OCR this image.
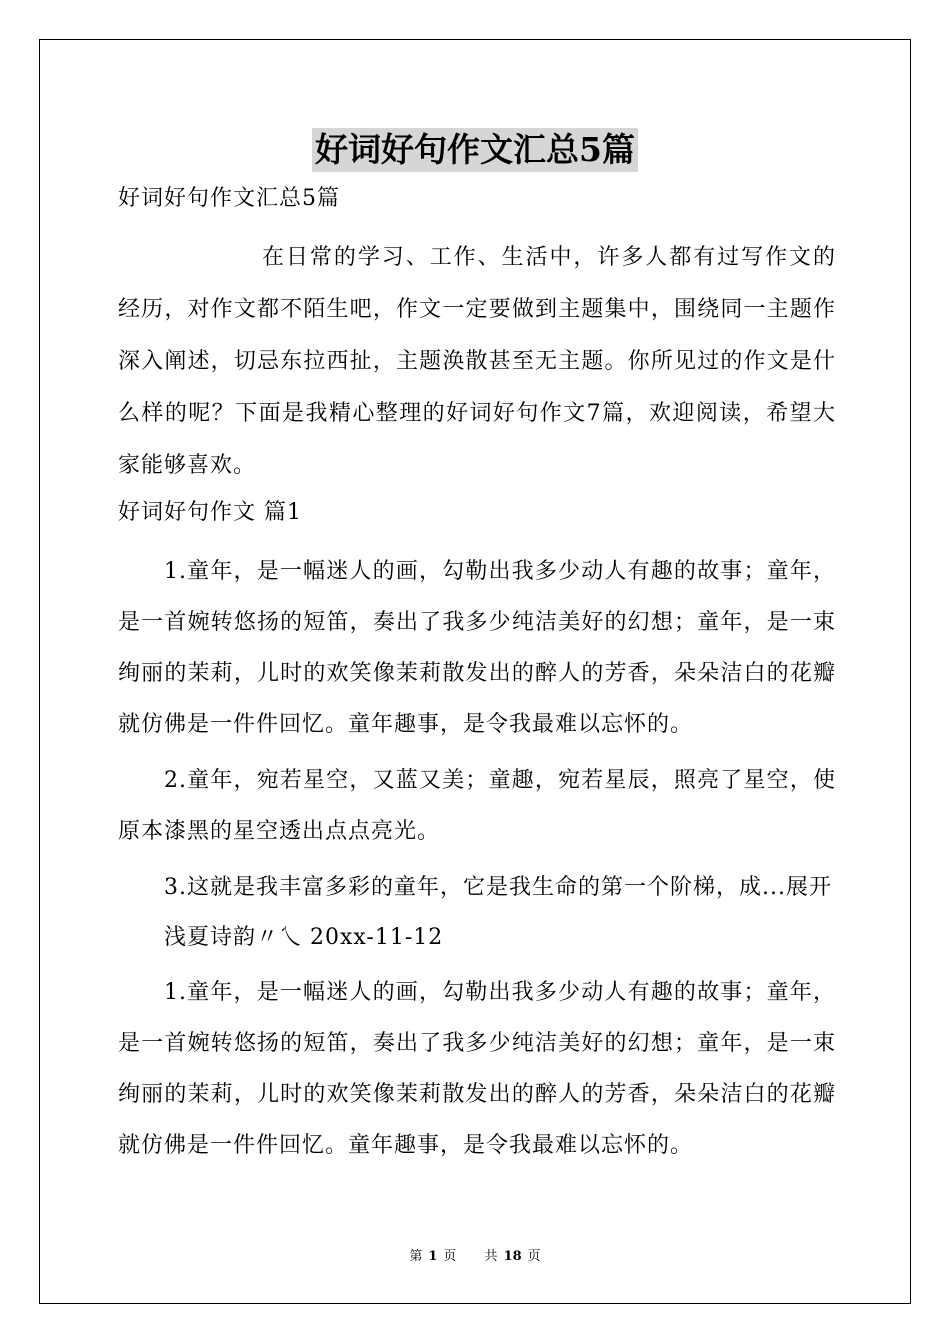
好词好句作文汇总5篇

好词好句作文汇总5篇

在日常的学习、工作、生活中，许多人都有过写作文的经历，对作文都不陌生吧，作文一定要做到主题集中，围绕同一主题作深入阐述，切忌东拉西扯，主题涣散甚至无主题。你所见过的作文是什么样的呢？下面是我精心整理的好词好句作文7篇，欢迎阅读，希望大家能够喜欢。

好词好句作文 篇1

1.童年，是一幅迷人的画，勾勒出我多少动人有趣的故事；童年，是一首婉转悠扬的短笛，奏出了我多少纯洁美好的幻想；童年，是一束绚丽的茉莉，儿时的欢笑像茉莉散发出的醉人的芳香，朵朵洁白的花瓣就仿佛是一件件回忆。童年趣事，是令我最难以忘怀的。

2.童年，宛若星空，又蓝又美；童趣，宛若星辰，照亮了星空，使原本漆黑的星空透出点点亮光。

3.这就是我丰富多彩的童年，它是我生命的第一个阶梯，成...展开

浅夏诗韵〃乀 20xx-11-12

1.童年，是一幅迷人的画，勾勒出我多少动人有趣的故事；童年，是一首婉转悠扬的短笛，奏出了我多少纯洁美好的幻想；童年，是一束绚丽的茉莉，儿时的欢笑像茉莉散发出的醉人的芳香，朵朵洁白的花瓣就仿佛是一件件回忆。童年趣事，是令我最难以忘怀的。

第 1 页 共 18 页
